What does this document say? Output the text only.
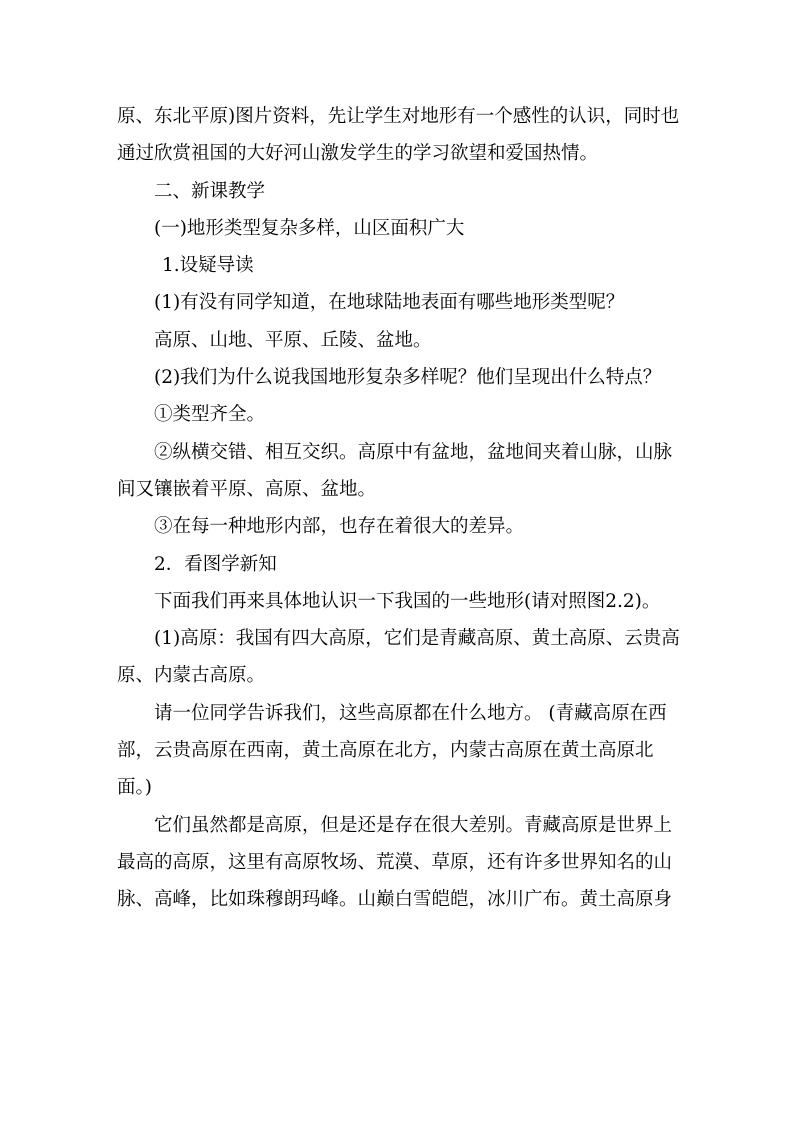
原、东北平原)图片资料，先让学生对地形有一个感性的认识，同时也通过欣赏祖国的大好河山激发学生的学习欲望和爱国热情。

二、新课教学

(一)地形类型复杂多样，山区面积广大

1.设疑导读

(1)有没有同学知道，在地球陆地表面有哪些地形类型呢？

高原、山地、平原、丘陵、盆地。

(2)我们为什么说我国地形复杂多样呢？他们呈现出什么特点？

①类型齐全。

②纵横交错、相互交织。高原中有盆地，盆地间夹着山脉，山脉间又镶嵌着平原、高原、盆地。

③在每一种地形内部，也存在着很大的差异。

2．看图学新知

下面我们再来具体地认识一下我国的一些地形(请对照图2.2)。

(1)高原：我国有四大高原，它们是青藏高原、黄土高原、云贵高原、内蒙古高原。

请一位同学告诉我们，这些高原都在什么地方。 (青藏高原在西部，云贵高原在西南，黄土高原在北方，内蒙古高原在黄土高原北面。)

它们虽然都是高原，但是还是存在很大差别。青藏高原是世界上最高的高原，这里有高原牧场、荒漠、草原，还有许多世界知名的山脉、高峰，比如珠穆朗玛峰。山巅白雪皑皑，冰川广布。黄土高原身
